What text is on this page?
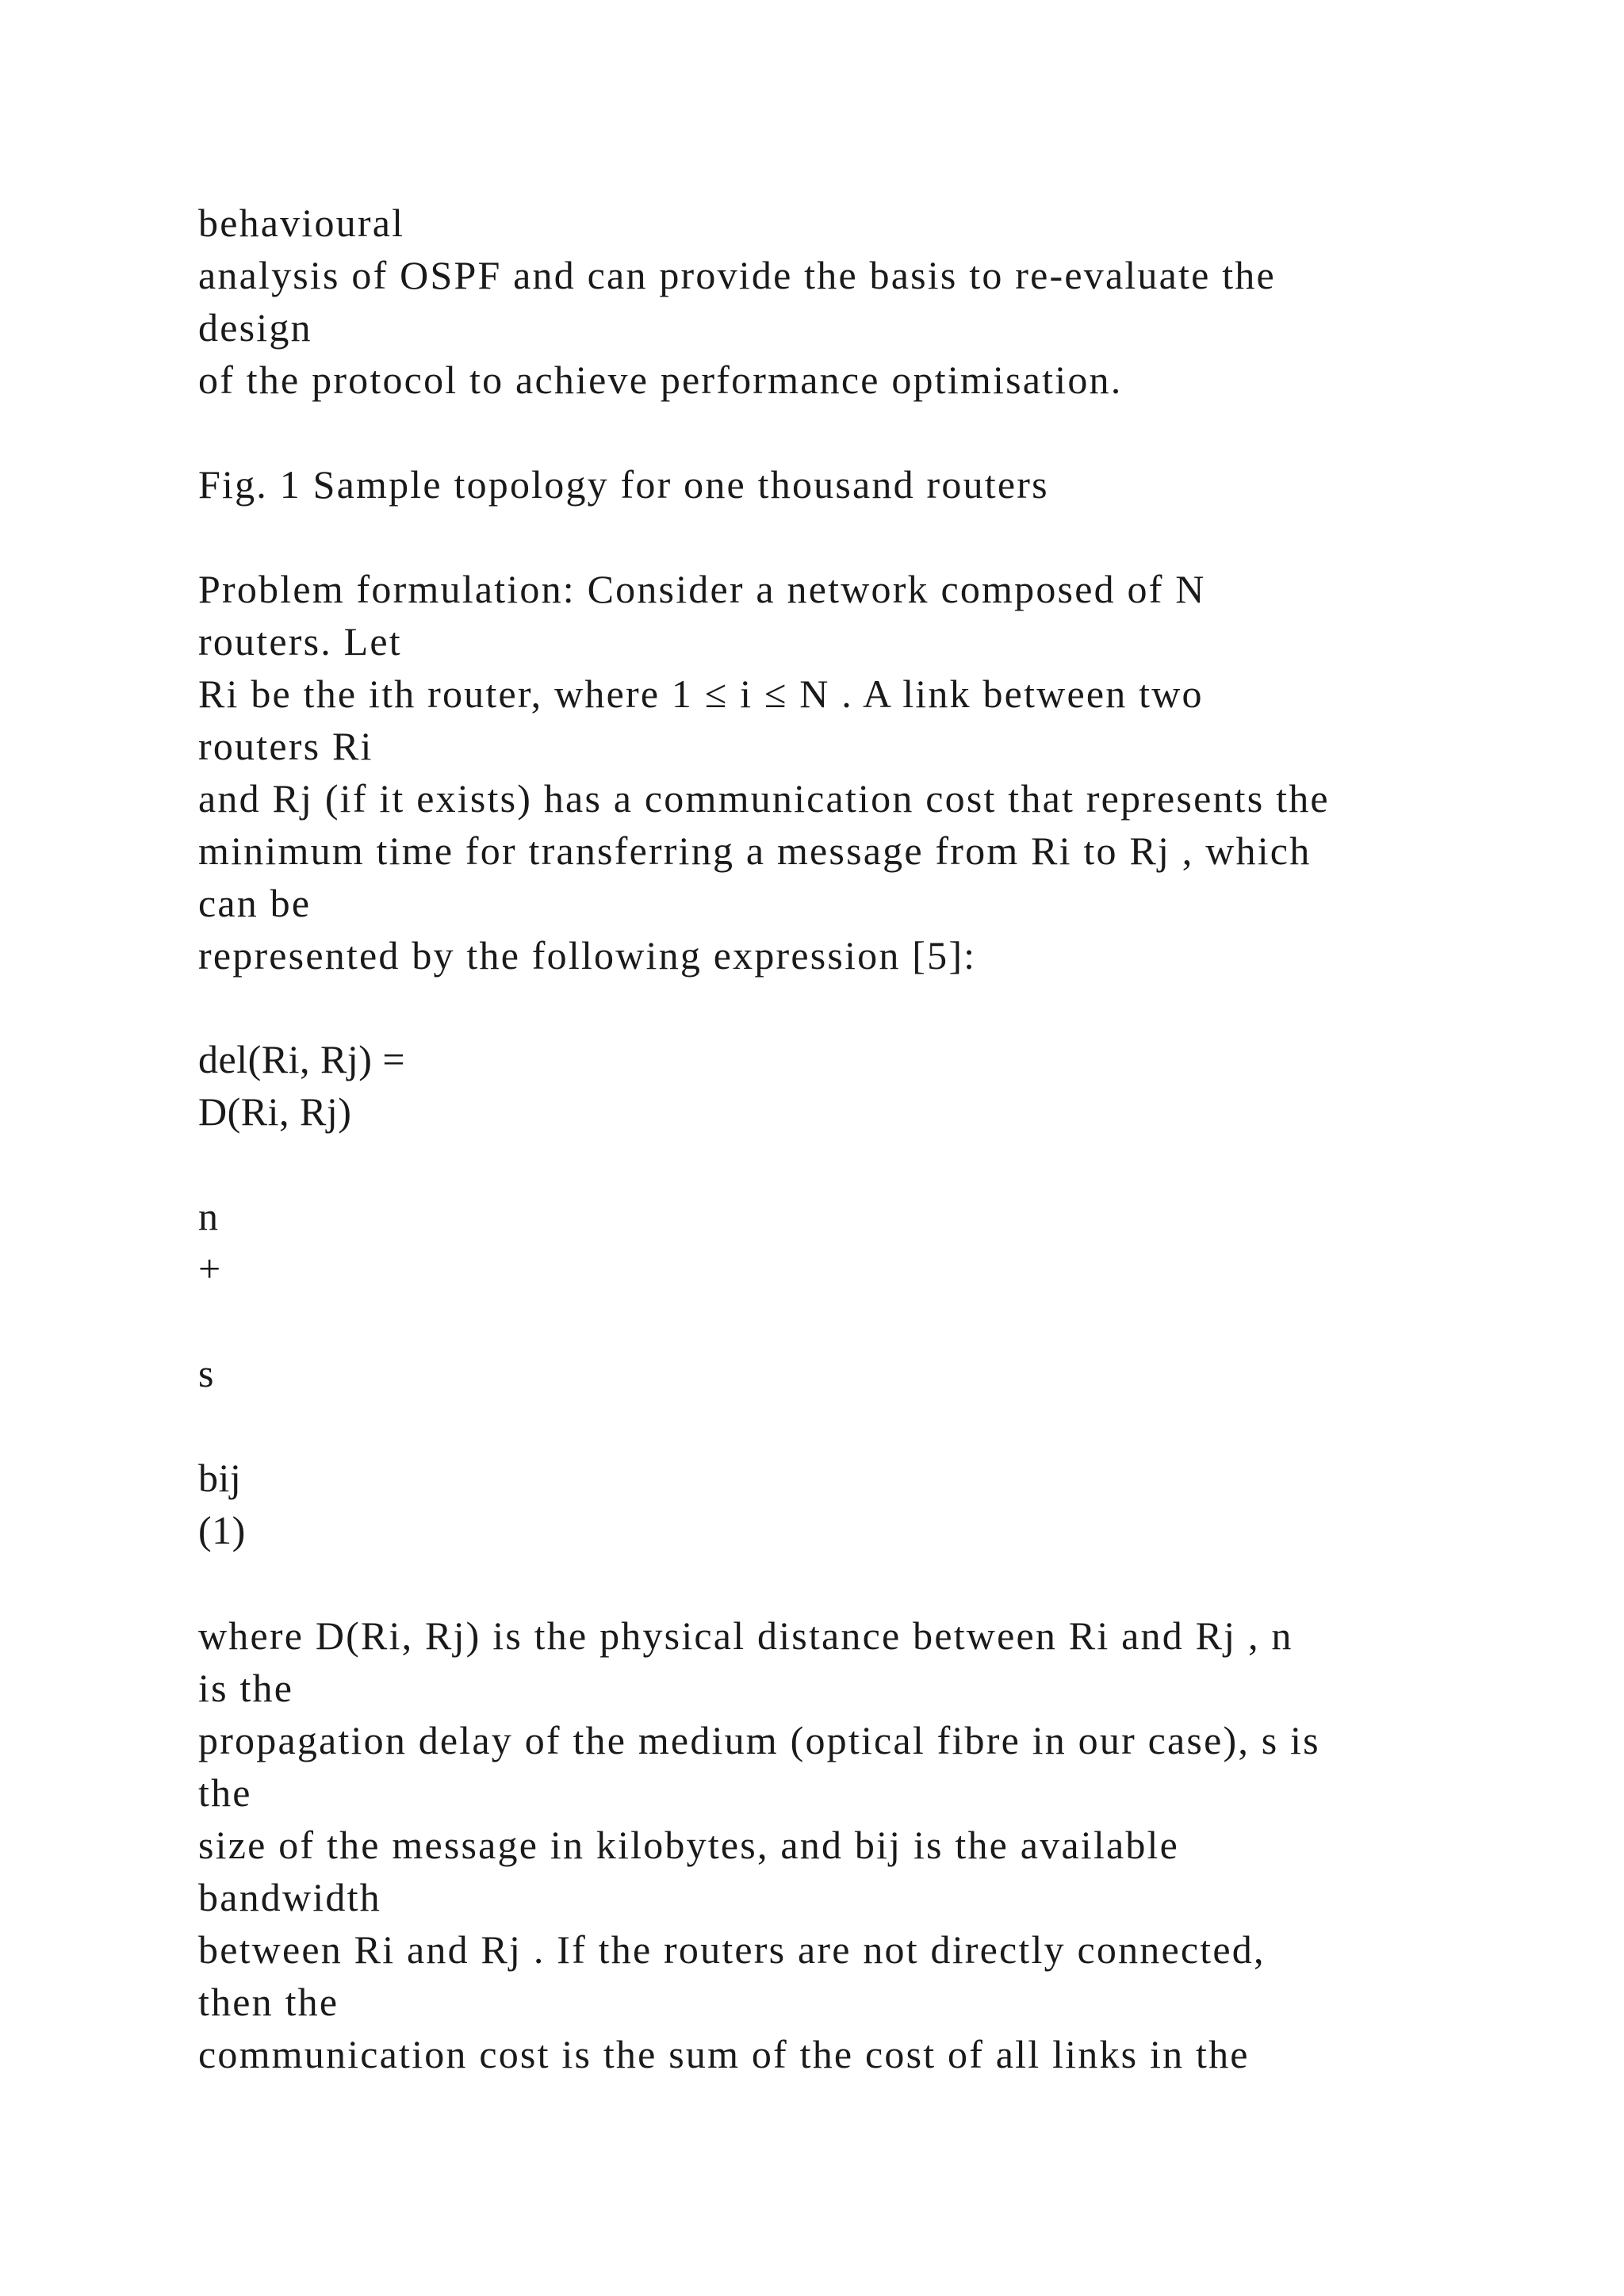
behavioural

analysis of OSPF and can provide the basis to re-evaluate the

design

of the protocol to achieve performance optimisation.

Fig. 1 Sample topology for one thousand routers

Problem formulation: Consider a network composed of N

routers. Let

Ri be the ith router, where 1 ≤ i ≤ N . A link between two

routers Ri

and Rj (if it exists) has a communication cost that represents the

minimum time for transferring a message from Ri to Rj , which

can be

represented by the following expression [5]:

del(Ri, Rj) =

D(Ri, Rj)

n

+

s

bij

(1)

where D(Ri, Rj) is the physical distance between Ri and Rj , n

is the

propagation delay of the medium (optical fibre in our case), s is

the

size of the message in kilobytes, and bij is the available

bandwidth

between Ri and Rj . If the routers are not directly connected,

then the

communication cost is the sum of the cost of all links in the
